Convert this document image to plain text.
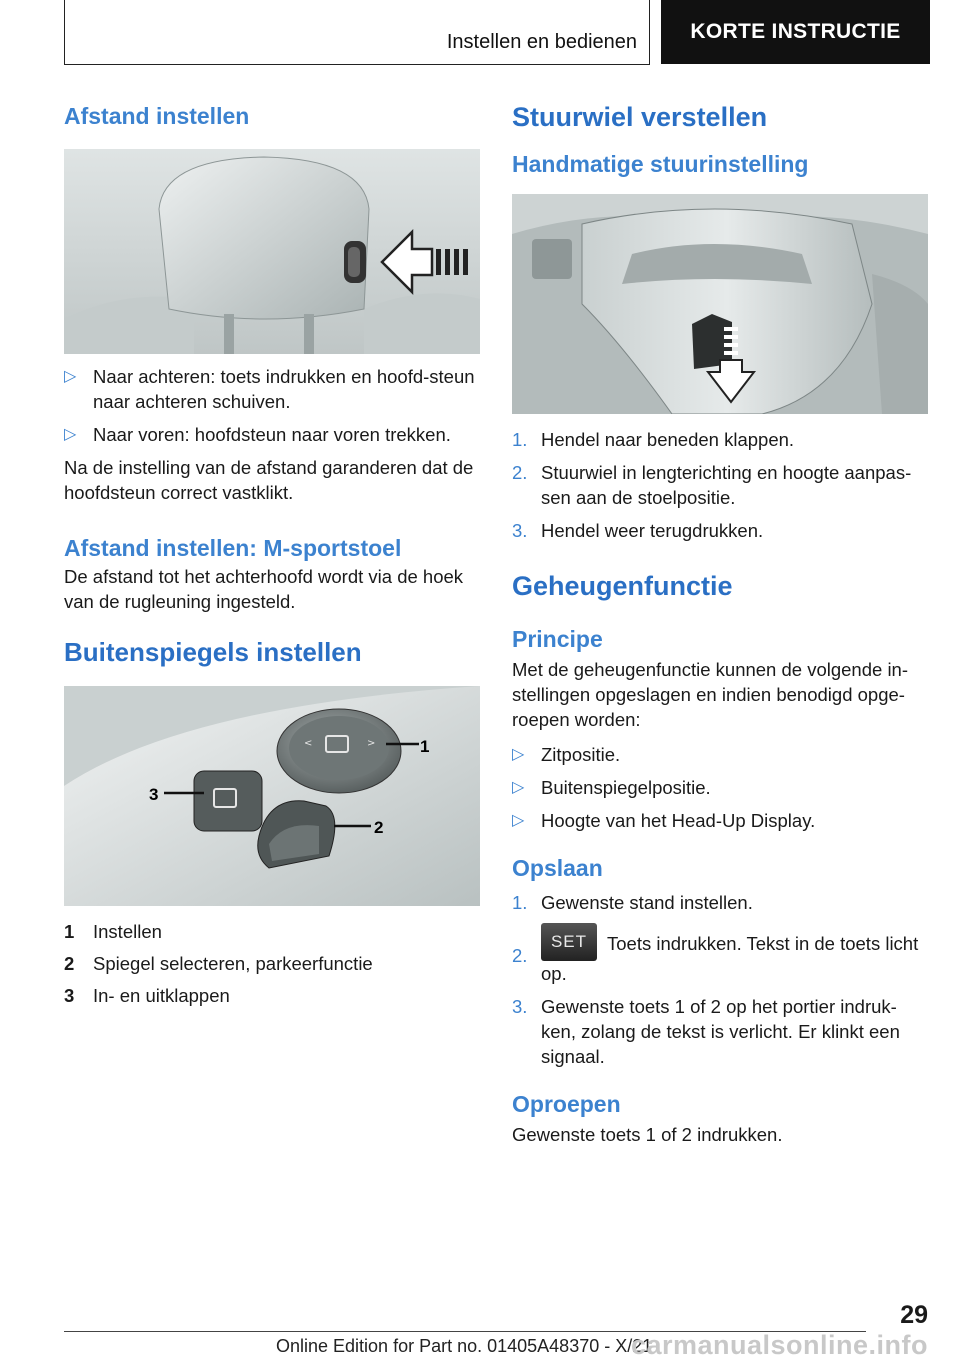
Instellen en bedienen	KORTE INSTRUCTIE
Afstand instellen
▷ Naar achteren: toets indrukken en hoofd-steun naar achteren schuiven.
▷ Naar voren: hoofdsteun naar voren trekken.

Na de instelling van de afstand garanderen dat de hoofdsteun correct vastklikt.

Afstand instellen: M-sportstoel

De afstand tot het achterhoofd wordt via de hoek van de rugleuning ingesteld.

Buitenspiegels instellen
<	>	1
2
3
1 Instellen
2 Spiegel selecteren, parkeerfunctie
3 In- en uitklappen
Stuurwiel verstellen
Handmatige stuurinstelling
1. Hendel naar beneden klappen.
2. Stuurwiel in lengterichting en hoogte aanpas-sen aan de stoelpositie.
3. Hendel weer terugdrukken.
Geheugenfunctie
Principe

Met de geheugenfunctie kunnen de volgende in-stellingen opgeslagen en indien benodigd opge-roepen worden:

▷ Zitpositie.
▷ Buitenspiegelpositie.
▷ Hoogte van het Head-Up Display.
Opslaan
1. Gewenste stand instellen.
2.
SET Toets indrukken. Tekst in de toets licht op.
3. Gewenste toets 1 of 2 op het portier indruk-ken, zolang de tekst is verlicht. Er klinkt een signaal.
Oproepen

Gewenste toets 1 of 2 indrukken.

29
Online Edition for Part no. 01405A48370 - X/21
carmanualsonline.info
